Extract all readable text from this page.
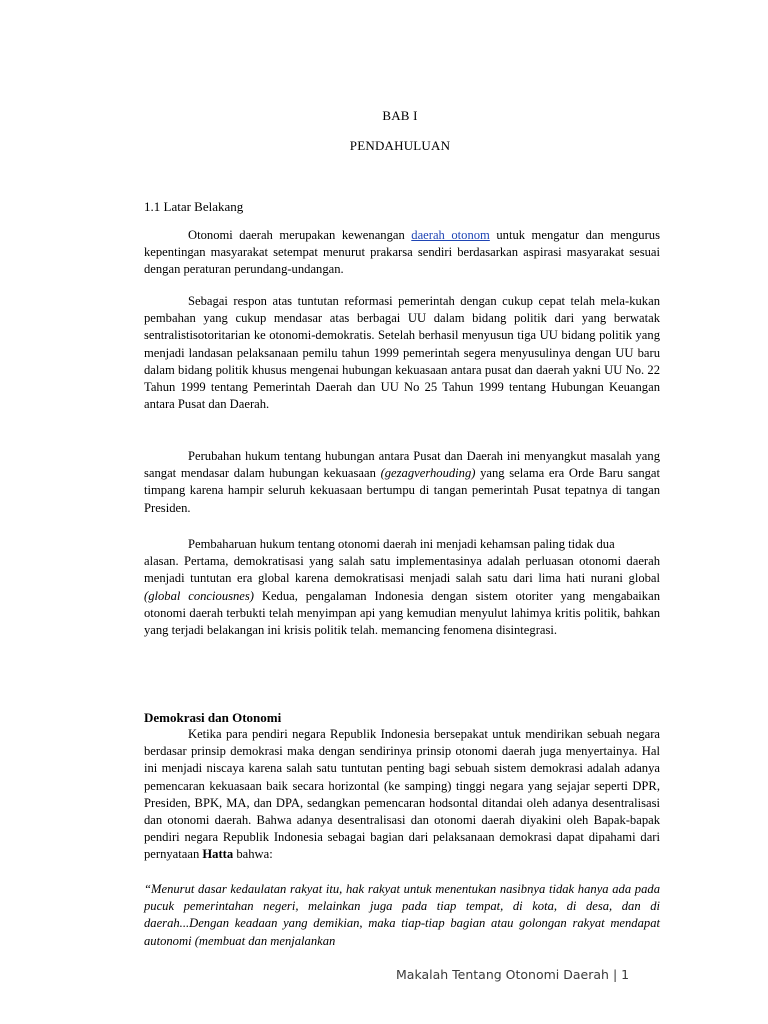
BAB I
PENDAHULUAN
1.1 Latar Belakang

Otonomi daerah merupakan kewenangan daerah otonom untuk mengatur dan mengurus kepentingan masyarakat setempat menurut prakarsa sendiri berdasarkan aspirasi masyarakat sesuai dengan peraturan perundang-undangan.

Sebagai respon atas tuntutan reformasi pemerintah dengan cukup cepat telah mela-kukan pembahan yang cukup mendasar atas berbagai UU dalam bidang politik dari yang berwatak sentralistisotoritarian ke otonomi-demokratis. Setelah berhasil menyusun tiga UU bidang politik yang menjadi landasan pelaksanaan pemilu tahun 1999 pemerintah segera menyusulinya dengan UU baru dalam bidang politik khusus mengenai hubungan kekuasaan antara pusat dan daerah yakni UU No. 22 Tahun 1999 tentang Pemerintah Daerah dan UU No 25 Tahun 1999 tentang Hubungan Keuangan antara Pusat dan Daerah.

Perubahan hukum tentang hubungan antara Pusat dan Daerah ini menyangkut masalah yang sangat mendasar dalam hubungan kekuasaan (gezagverhouding) yang selama era Orde Baru sangat timpang karena hampir seluruh kekuasaan bertumpu di tangan pemerintah Pusat tepatnya di tangan Presiden.

Pembaharuan hukum tentang otonomi daerah ini menjadi kehamsan paling tidak dua
alasan. Pertama, demokratisasi yang salah satu implementasinya adalah perluasan otonomi daerah menjadi tuntutan era global karena demokratisasi menjadi salah satu dari lima hati nurani global (global conciousnes) Kedua, pengalaman Indonesia dengan sistem otoriter yang mengabaikan otonomi daerah terbukti telah menyimpan api yang kemudian menyulut lahimya kritis politik, bahkan yang terjadi belakangan ini krisis politik telah. memancing fenomena disintegrasi.

Demokrasi dan Otonomi

Ketika para pendiri negara Republik Indonesia bersepakat untuk mendirikan sebuah negara berdasar prinsip demokrasi maka dengan sendirinya prinsip otonomi daerah juga menyertainya. Hal ini menjadi niscaya karena salah satu tuntutan penting bagi sebuah sistem demokrasi adalah adanya pemencaran kekuasaan baik secara horizontal (ke samping) tinggi negara yang sejajar seperti DPR, Presiden, BPK, MA, dan DPA, sedangkan pemencaran hodsontal ditandai oleh adanya desentralisasi dan otonomi daerah. Bahwa adanya desentralisasi dan otonomi daerah diyakini oleh Bapak-bapak pendiri negara Republik Indonesia sebagai bagian dari pelaksanaan demokrasi dapat dipahami dari pernyataan Hatta bahwa:

“Menurut dasar kedaulatan rakyat itu, hak rakyat untuk menentukan nasibnya tidak hanya ada pada pucuk pemerintahan negeri, melainkan juga pada tiap tempat, di kota, di desa, dan di daerah...Dengan keadaan yang demikian, maka tiap-tiap bagian atau golongan rakyat mendapat autonomi (membuat dan menjalankan

Makalah Tentang Otonomi Daerah | 1
